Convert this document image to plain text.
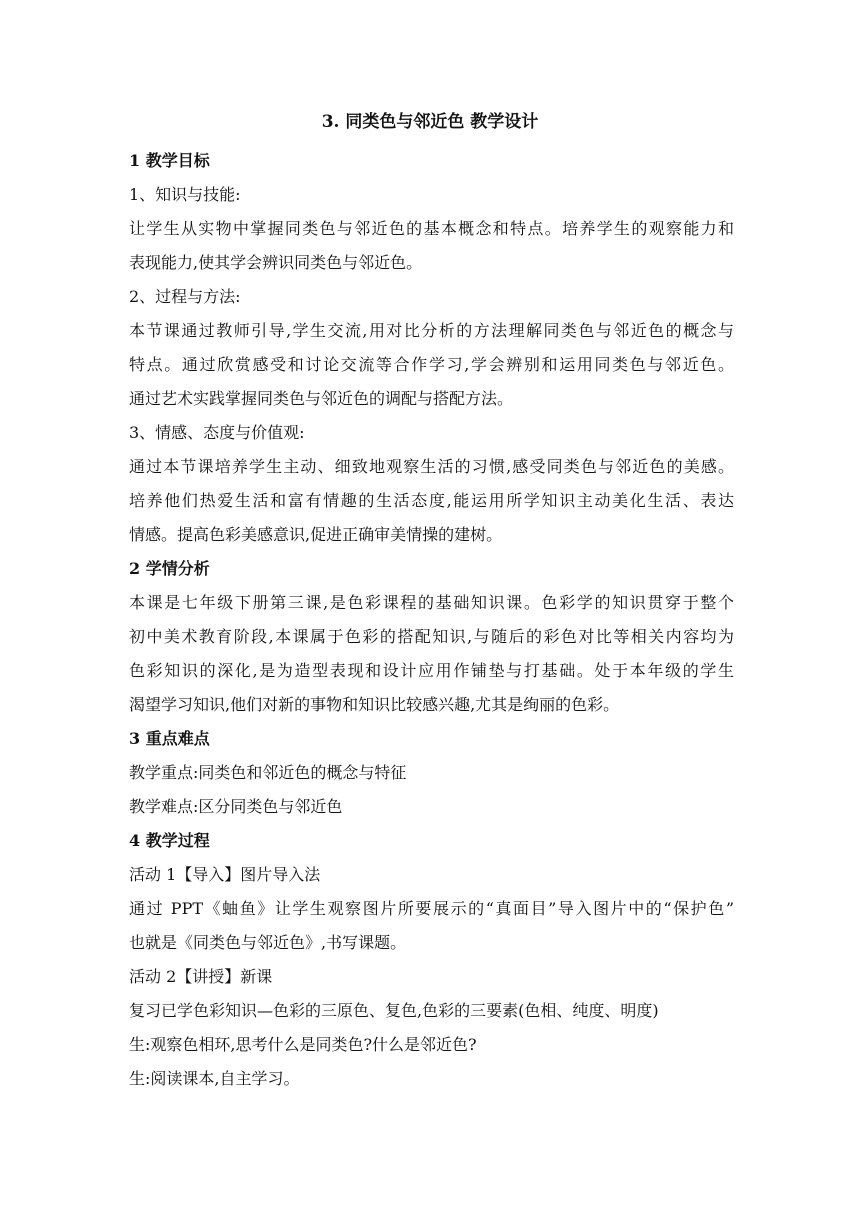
3. 同类色与邻近色 教学设计
1 教学目标
1、知识与技能:
让学生从实物中掌握同类色与邻近色的基本概念和特点。培养学生的观察能力和
表现能力,使其学会辨识同类色与邻近色。
2、过程与方法:
本节课通过教师引导,学生交流,用对比分析的方法理解同类色与邻近色的概念与
特点。通过欣赏感受和讨论交流等合作学习,学会辨别和运用同类色与邻近色。
通过艺术实践掌握同类色与邻近色的调配与搭配方法。
3、情感、态度与价值观:
通过本节课培养学生主动、细致地观察生活的习惯,感受同类色与邻近色的美感。
培养他们热爱生活和富有情趣的生活态度,能运用所学知识主动美化生活、表达
情感。提高色彩美感意识,促进正确审美情操的建树。
2 学情分析
本课是七年级下册第三课,是色彩课程的基础知识课。色彩学的知识贯穿于整个
初中美术教育阶段,本课属于色彩的搭配知识,与随后的彩色对比等相关内容均为
色彩知识的深化,是为造型表现和设计应用作铺垫与打基础。处于本年级的学生
渴望学习知识,他们对新的事物和知识比较感兴趣,尤其是绚丽的色彩。
3 重点难点
教学重点:同类色和邻近色的概念与特征
教学难点:区分同类色与邻近色
4 教学过程
活动 1【导入】图片导入法
通过 PPT《蚰鱼》让学生观察图片所要展示的“真面目”导入图片中的“保护色”
也就是《同类色与邻近色》,书写课题。
活动 2【讲授】新课
复习已学色彩知识—色彩的三原色、复色,色彩的三要素(色相、纯度、明度)
生:观察色相环,思考什么是同类色?什么是邻近色?
生:阅读课本,自主学习。
